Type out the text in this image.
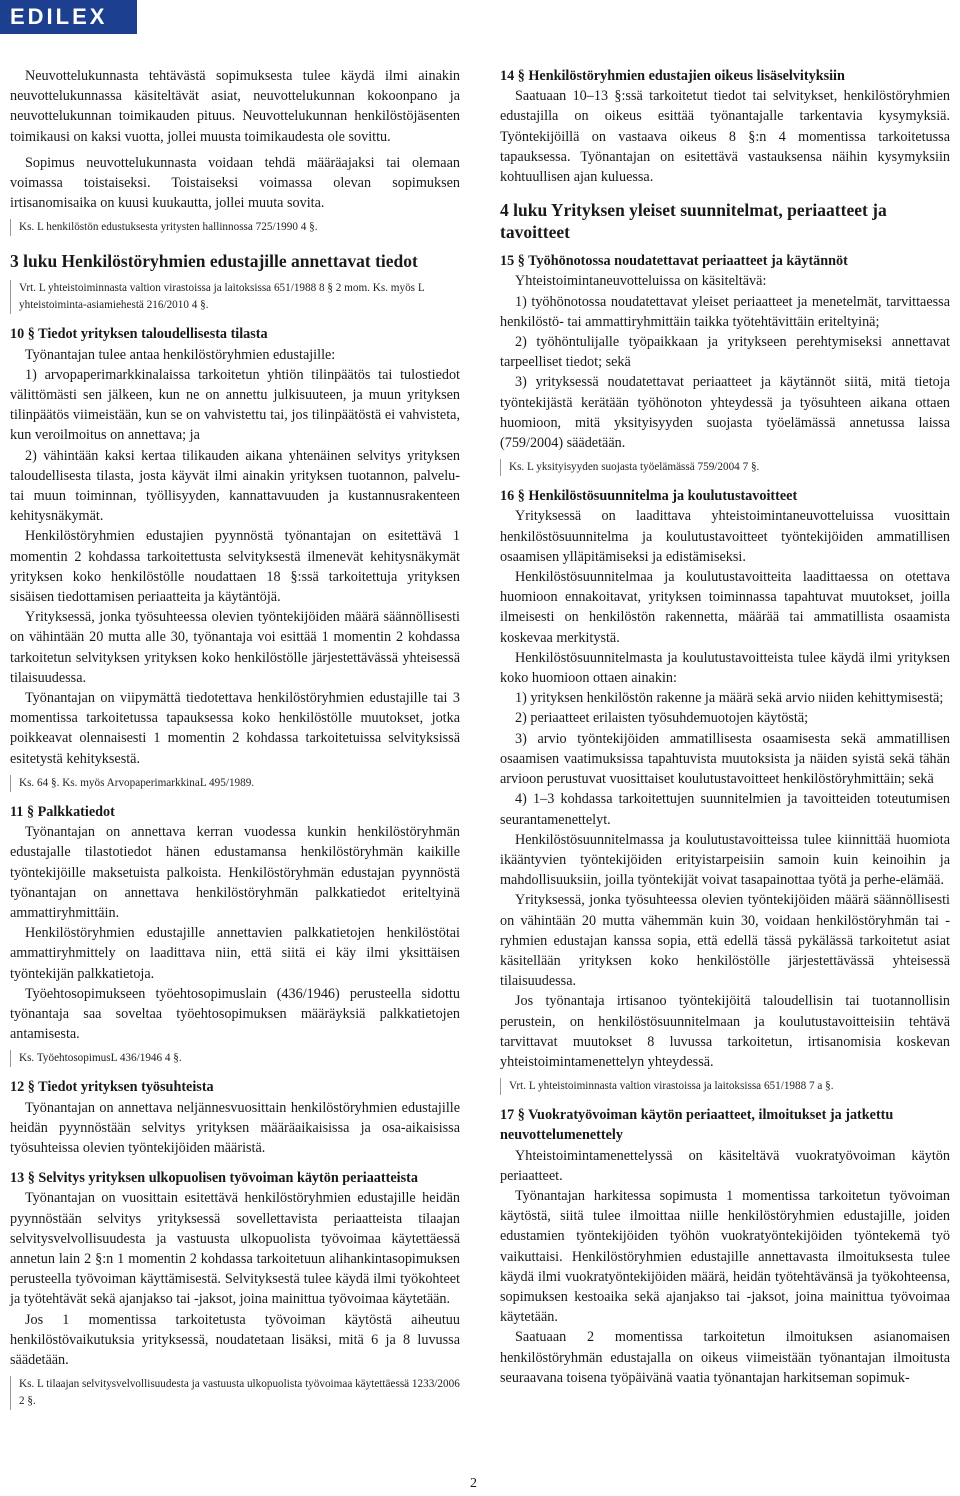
EDILEX

Neuvottelukunnasta tehtävästä sopimuksesta tulee käydä ilmi ainakin neuvottelukunnassa käsiteltävät asiat, neuvottelukunnan kokoonpano ja neuvottelukunnan toimikauden pituus. Neuvottelukunnan henkilöstöjäsenten toimikausi on kaksi vuotta, jollei muusta toimikaudesta ole sovittu.

Sopimus neuvottelukunnasta voidaan tehdä määräajaksi tai olemaan voimassa toistaiseksi. Toistaiseksi voimassa olevan sopimuksen irtisanomisaika on kuusi kuukautta, jollei muuta sovita.

Ks. L henkilöstön edustuksesta yritysten hallinnossa 725/1990 4 §.
3 luku Henkilöstöryhmien edustajille annettavat tiedot
Vrt. L yhteistoiminnasta valtion virastoissa ja laitoksissa 651/1988 8 § 2 mom. Ks. myös L yhteistoiminta-asiamiehestä 216/2010 4 §.
10 § Tiedot yrityksen taloudellisesta tilasta

Työnantajan tulee antaa henkilöstöryhmien edustajille:

1) arvopaperimarkkinalaissa tarkoitetun yhtiön tilinpäätös tai tulostiedot välittömästi sen jälkeen, kun ne on annettu julkisuuteen, ja muun yrityksen tilinpäätös viimeistään, kun se on vahvistettu tai, jos tilinpäätöstä ei vahvisteta, kun veroilmoitus on annettava; ja

2) vähintään kaksi kertaa tilikauden aikana yhtenäinen selvitys yrityksen taloudellisesta tilasta, josta käyvät ilmi ainakin yrityksen tuotannon, palvelu- tai muun toiminnan, työllisyyden, kannattavuuden ja kustannusrakenteen kehitysnäkymät.

Henkilöstöryhmien edustajien pyynnöstä työnantajan on esitettävä 1 momentin 2 kohdassa tarkoitettusta selvityksestä ilmenevät kehitysnäkymät yrityksen koko henkilöstölle noudattaen 18 §:ssä tarkoitettuja yrityksen sisäisen tiedottamisen periaatteita ja käytäntöjä.

Yrityksessä, jonka työsuhteessa olevien työntekijöiden määrä säännöllisesti on vähintään 20 mutta alle 30, työnantaja voi esittää 1 momentin 2 kohdassa tarkoitetun selvityksen yrityksen koko henkilöstölle järjestettävässä yhteisessä tilaisuudessa.

Työnantajan on viipymättä tiedotettava henkilöstöryhmien edustajille tai 3 momentissa tarkoitetussa tapauksessa koko henkilöstölle muutokset, jotka poikkeavat olennaisesti 1 momentin 2 kohdassa tarkoitetuissa selvityksissä esitetystä kehityksestä.

Ks. 64 §. Ks. myös ArvopaperimarkkinaL 495/1989.
11 § Palkkatiedot

Työnantajan on annettava kerran vuodessa kunkin henkilöstöryhmän edustajalle tilastotiedot hänen edustamansa henkilöstöryhmän kaikille työntekijöille maksetuista palkoista. Henkilöstöryhmän edustajan pyynnöstä työnantajan on annettava henkilöstöryhmän palkkatiedot eriteltyinä ammattiryhmittäin.

Henkilöstöryhmien edustajille annettavien palkkatietojen henkilöstötai ammattiryhmittely on laadittava niin, että siitä ei käy ilmi yksittäisen työntekijän palkkatietoja.

Työehtosopimukseen työehtosopimuslain (436/1946) perusteella sidottu työnantaja saa soveltaa työehtosopimuksen määräyksiä palkkatietojen antamisesta.

Ks. TyöehtosopimusL 436/1946 4 §.
12 § Tiedot yrityksen työsuhteista

Työnantajan on annettava neljännesvuosittain henkilöstöryhmien edustajille heidän pyynnöstään selvitys yrityksen määräaikaisissa ja osa-aikaisissa työsuhteissa olevien työntekijöiden määristä.

13 § Selvitys yrityksen ulkopuolisen työvoiman käytön periaatteista

Työnantajan on vuosittain esitettävä henkilöstöryhmien edustajille heidän pyynnöstään selvitys yrityksessä sovellettavista periaatteista tilaajan selvitysvelvollisuudesta ja vastuusta ulkopuolista työvoimaa käytettäessä annetun lain 2 §:n 1 momentin 2 kohdassa tarkoitetuun alihankintasopimuksen perusteella työvoiman käyttämisestä. Selvityksestä tulee käydä ilmi työkohteet ja työtehtävät sekä ajanjakso tai -jaksot, joina mainittua työvoimaa käytetään.

Jos 1 momentissa tarkoitetusta työvoiman käytöstä aiheutuu henkilöstövaikutuksia yrityksessä, noudatetaan lisäksi, mitä 6 ja 8 luvussa säädetään.

Ks. L tilaajan selvitysvelvollisuudesta ja vastuusta ulkopuolista työvoimaa käytettäessä 1233/2006 2 §.
14 § Henkilöstöryhmien edustajien oikeus lisäselvityksiin

Saatuaan 10–13 §:ssä tarkoitetut tiedot tai selvitykset, henkilöstöryhmien edustajilla on oikeus esittää työnantajalle tarkentavia kysymyksiä. Työntekijöillä on vastaava oikeus 8 §:n 4 momentissa tarkoitetussa tapauksessa. Työnantajan on esitettävä vastauksensa näihin kysymyksiin kohtuullisen ajan kuluessa.

4 luku Yrityksen yleiset suunnitelmat, periaatteet ja tavoitteet
15 § Työhönotossa noudatettavat periaatteet ja käytännöt

Yhteistoimintaneuvotteluissa on käsiteltävä:

1) työhönotossa noudatettavat yleiset periaatteet ja menetelmät, tarvittaessa henkilöstö- tai ammattiryhmittäin taikka työtehtävittäin eriteltyinä;

2) työhöntulijalle työpaikkaan ja yritykseen perehtymiseksi annettavat tarpeelliset tiedot; sekä

3) yrityksessä noudatettavat periaatteet ja käytännöt siitä, mitä tietoja työntekijästä kerätään työhönoton yhteydessä ja työsuhteen aikana ottaen huomioon, mitä yksityisyyden suojasta työelämässä annetussa laissa (759/2004) säädetään.

Ks. L yksityisyyden suojasta työelämässä 759/2004 7 §.
16 § Henkilöstösuunnitelma ja koulutustavoitteet

Yrityksessä on laadittava yhteistoimintaneuvotteluissa vuosittain henkilöstösuunnitelma ja koulutustavoitteet työntekijöiden ammatillisen osaamisen ylläpitämiseksi ja edistämiseksi.

Henkilöstösuunnitelmaa ja koulutustavoitteita laadittaessa on otettava huomioon ennakoitavat, yrityksen toiminnassa tapahtuvat muutokset, joilla ilmeisesti on henkilöstön rakennetta, määrää tai ammatillista osaamista koskevaa merkitystä.

Henkilöstösuunnitelmasta ja koulutustavoitteista tulee käydä ilmi yrityksen koko huomioon ottaen ainakin:

1) yrityksen henkilöstön rakenne ja määrä sekä arvio niiden kehittymisestä;

2) periaatteet erilaisten työsuhdemuotojen käytöstä;

3) arvio työntekijöiden ammatillisesta osaamisesta sekä ammatillisen osaamisen vaatimuksissa tapahtuvista muutoksista ja näiden syistä sekä tähän arvioon perustuvat vuosittaiset koulutustavoitteet henkilöstöryhmittäin; sekä

4) 1–3 kohdassa tarkoitettujen suunnitelmien ja tavoitteiden toteutumisen seurantamenettelyt.

Henkilöstösuunnitelmassa ja koulutustavoitteissa tulee kiinnittää huomiota ikääntyvien työntekijöiden erityistarpeisiin samoin kuin keinoihin ja mahdollisuuksiin, joilla työntekijät voivat tasapainottaa työtä ja perhe-elämää.

Yrityksessä, jonka työsuhteessa olevien työntekijöiden määrä säännöllisesti on vähintään 20 mutta vähemmän kuin 30, voidaan henkilöstöryhmän tai -ryhmien edustajan kanssa sopia, että edellä tässä pykälässä tarkoitetut asiat käsitellään yrityksen koko henkilöstölle järjestettävässä yhteisessä tilaisuudessa.

Jos työnantaja irtisanoo työntekijöitä taloudellisin tai tuotannollisin perustein, on henkilöstösuunnitelmaan ja koulutustavoitteisiin tehtävä tarvittavat muutokset 8 luvussa tarkoitetun, irtisanomisia koskevan yhteistoimintamenettelyn yhteydessä.

Vrt. L yhteistoiminnasta valtion virastoissa ja laitoksissa 651/1988 7 a §.
17 § Vuokratyövoiman käytön periaatteet, ilmoitukset ja jatkettu neuvottelumenettely

Yhteistoimintamenettelyssä on käsiteltävä vuokratyövoiman käytön periaatteet.

Työnantajan harkitessa sopimusta 1 momentissa tarkoitetun työvoiman käytöstä, siitä tulee ilmoittaa niille henkilöstöryhmien edustajille, joiden edustamien työntekijöiden työhön vuokratyöntekijöiden työntekemä työ vaikuttaisi. Henkilöstöryhmien edustajille annettavasta ilmoituksesta tulee käydä ilmi vuokratyöntekijöiden määrä, heidän työtehtävänsä ja työkohteensa, sopimuksen kestoaika sekä ajanjakso tai -jaksot, joina mainittua työvoimaa käytetään.

Saatuaan 2 momentissa tarkoitetun ilmoituksen asianomaisen henkilöstöryhmän edustajalla on oikeus viimeistään työnantajan ilmoitusta seuraavana toisena työpäivänä vaatia työnantajan harkitseman sopimuk-

2
